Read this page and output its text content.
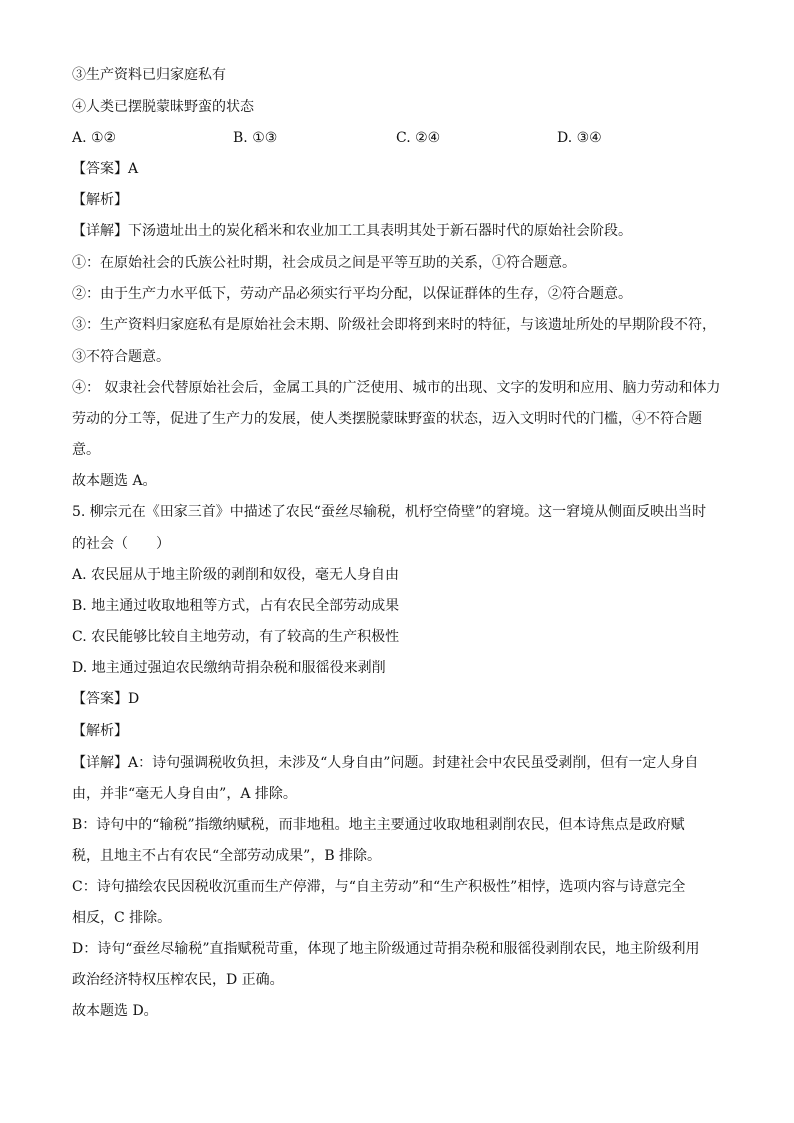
③生产资料已归家庭私有
④人类已摆脱蒙昧野蛮的状态
A. ①②	B. ①③	C. ②④	D. ③④
【答案】A
【解析】
【详解】下汤遗址出土的炭化稻米和农业加工工具表明其处于新石器时代的原始社会阶段。
①：在原始社会的氏族公社时期，社会成员之间是平等互助的关系，①符合题意。
②：由于生产力水平低下，劳动产品必须实行平均分配，以保证群体的生存，②符合题意。
③：生产资料归家庭私有是原始社会末期、阶级社会即将到来时的特征，与该遗址所处的早期阶段不符，
③不符合题意。
④： 奴隶社会代替原始社会后，金属工具的广泛使用、城市的出现、文字的发明和应用、脑力劳动和体力
劳动的分工等，促进了生产力的发展，使人类摆脱蒙昧野蛮的状态，迈入文明时代的门槛，④不符合题
意。
故本题选 A。
5. 柳宗元在《田家三首》中描述了农民“蚕丝尽输税，机杼空倚壁”的窘境。这一窘境从侧面反映出当时
的社会（　　）
A. 农民屈从于地主阶级的剥削和奴役，毫无人身自由
B. 地主通过收取地租等方式，占有农民全部劳动成果
C. 农民能够比较自主地劳动，有了较高的生产积极性
D. 地主通过强迫农民缴纳苛捐杂税和服徭役来剥削
【答案】D
【解析】
【详解】A：诗句强调税收负担，未涉及“人身自由”问题。封建社会中农民虽受剥削，但有一定人身自
由，并非“毫无人身自由”，A 排除。
B：诗句中的“输税”指缴纳赋税，而非地租。地主主要通过收取地租剥削农民，但本诗焦点是政府赋
税，且地主不占有农民“全部劳动成果”，B 排除。
C：诗句描绘农民因税收沉重而生产停滞，与“自主劳动”和“生产积极性”相悖，选项内容与诗意完全
相反，C 排除。
D：诗句“蚕丝尽输税”直指赋税苛重，体现了地主阶级通过苛捐杂税和服徭役剥削农民，地主阶级利用
政治经济特权压榨农民，D 正确。
故本题选 D。
